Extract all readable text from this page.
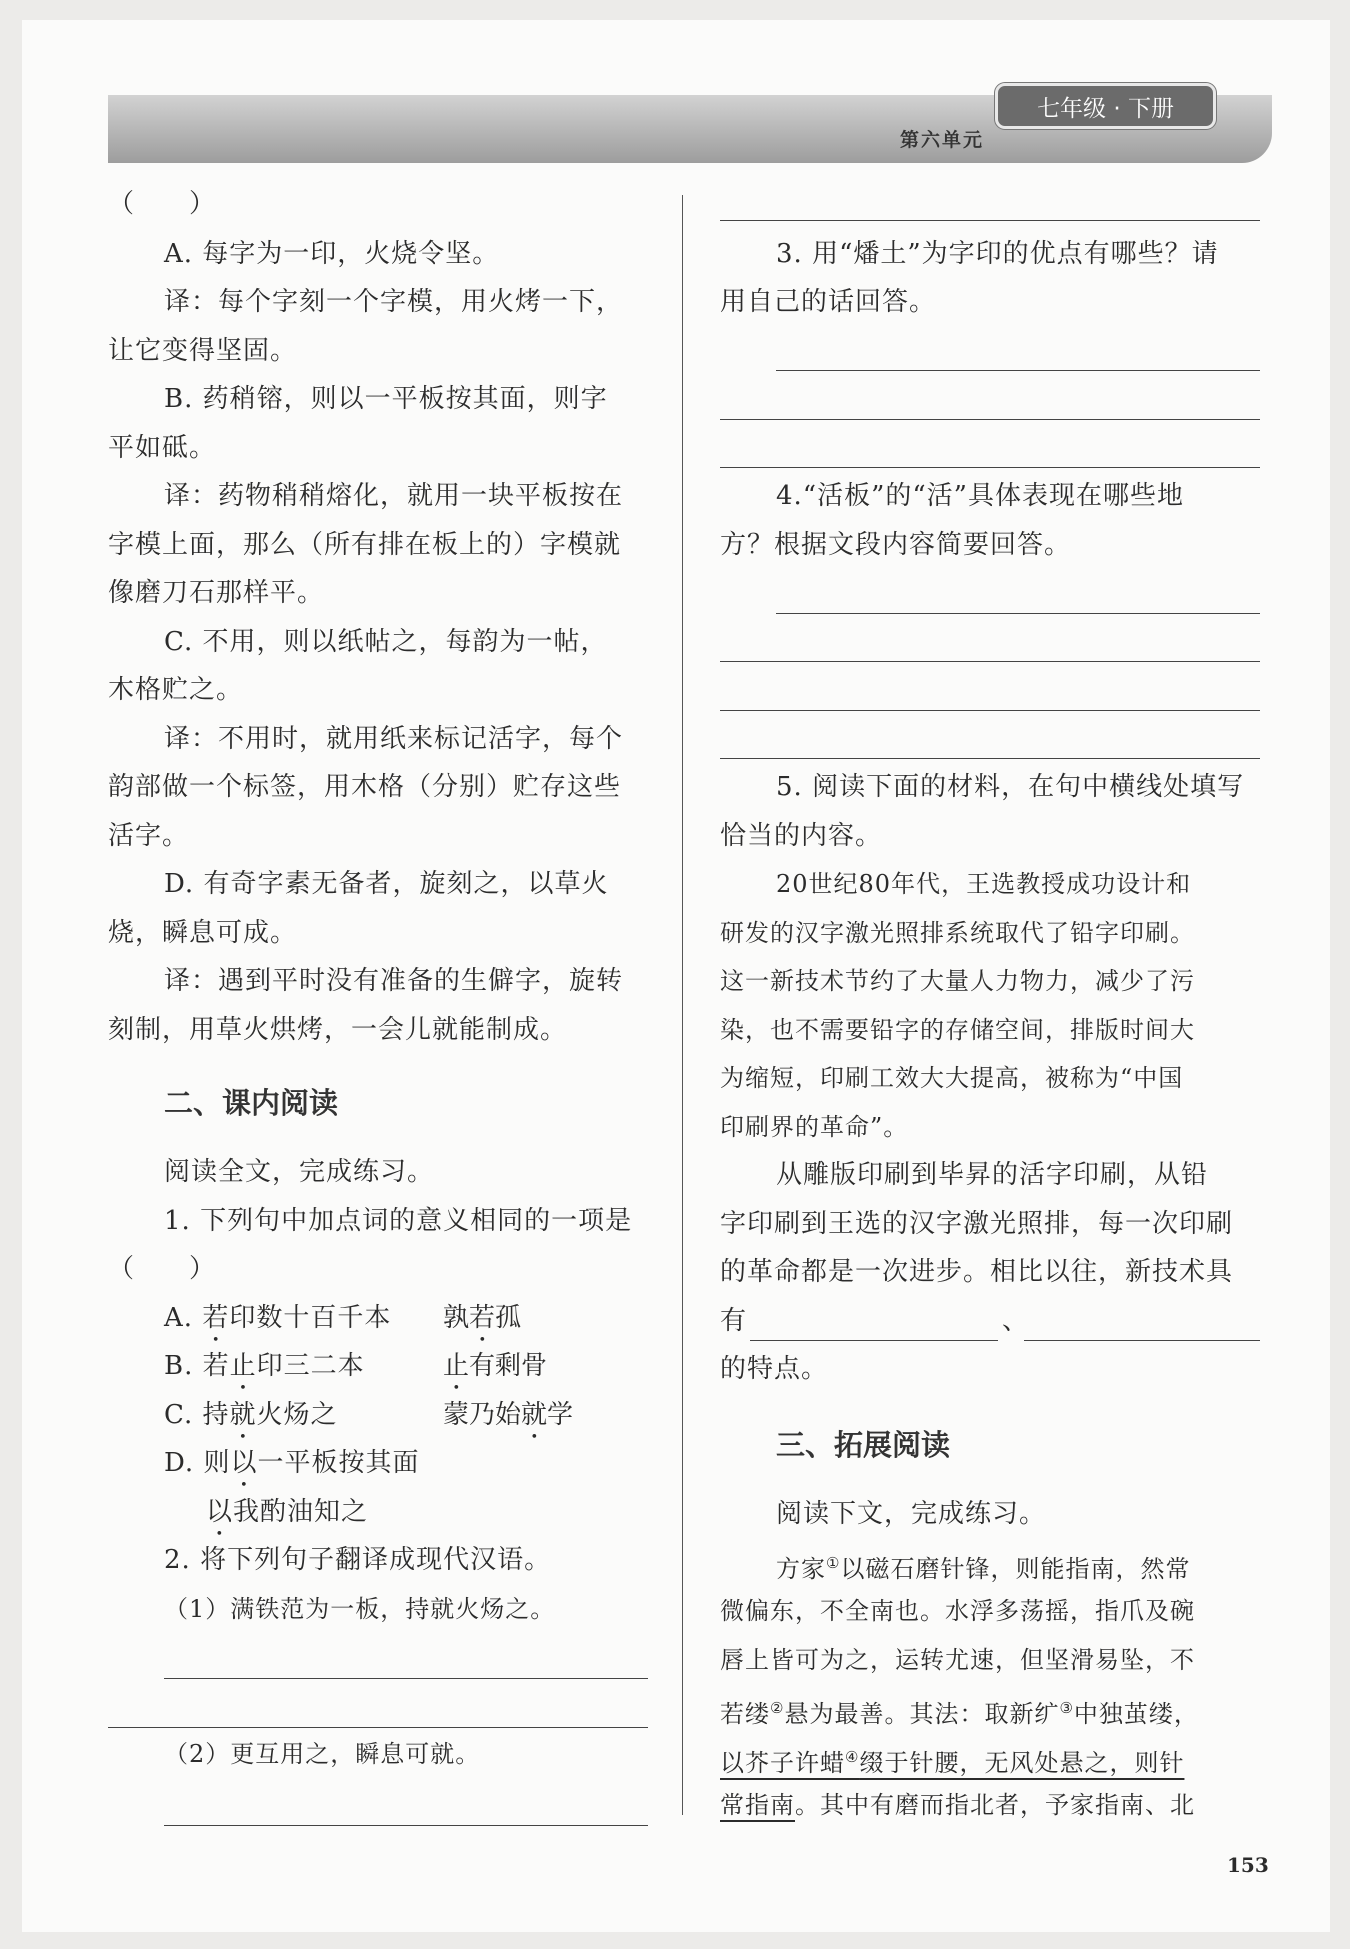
七年级 · 下册
第六单元
（　　）
A. 每字为一印，火烧令坚。
译：每个字刻一个字模，用火烤一下，
让它变得坚固。
B. 药稍镕，则以一平板按其面，则字
平如砥。
译：药物稍稍熔化，就用一块平板按在
字模上面，那么（所有排在板上的）字模就
像磨刀石那样平。
C. 不用，则以纸帖之，每韵为一帖，
木格贮之。
译：不用时，就用纸来标记活字，每个
韵部做一个标签，用木格（分别）贮存这些
活字。
D. 有奇字素无备者，旋刻之，以草火
烧，瞬息可成。
译：遇到平时没有准备的生僻字，旋转
刻制，用草火烘烤，一会儿就能制成。
二、课内阅读
阅读全文，完成练习。
1. 下列句中加点词的意义相同的一项是
（　　）
A. 若印数十百千本 孰若孤
B. 若止印三二本	止有剩骨
C. 持就火炀之	蒙乃始就学
D. 则以一平板按其面
以我酌油知之
2. 将下列句子翻译成现代汉语。
（1）满铁范为一板，持就火炀之。
（2）更互用之，瞬息可就。
3. 用“燔土”为字印的优点有哪些？请
用自己的话回答。
4.“活板”的“活”具体表现在哪些地
方？根据文段内容简要回答。
5. 阅读下面的材料，在句中横线处填写
恰当的内容。
20世纪80年代，王选教授成功设计和
研发的汉字激光照排系统取代了铅字印刷。
这一新技术节约了大量人力物力，减少了污
染，也不需要铅字的存储空间，排版时间大
为缩短，印刷工效大大提高，被称为“中国
印刷界的革命”。
从雕版印刷到毕昇的活字印刷，从铅
字印刷到王选的汉字激光照排，每一次印刷
的革命都是一次进步。相比以往，新技术具
有	、
的特点。
三、拓展阅读
阅读下文，完成练习。
方家①以磁石磨针锋，则能指南，然常
微偏东，不全南也。水浮多荡摇，指爪及碗
唇上皆可为之，运转尤速，但坚滑易坠，不
若缕②悬为最善。其法：取新纩③中独茧缕，
以芥子许蜡④缀于针腰，无风处悬之，则针
常指南。其中有磨而指北者，予家指南、北
153
